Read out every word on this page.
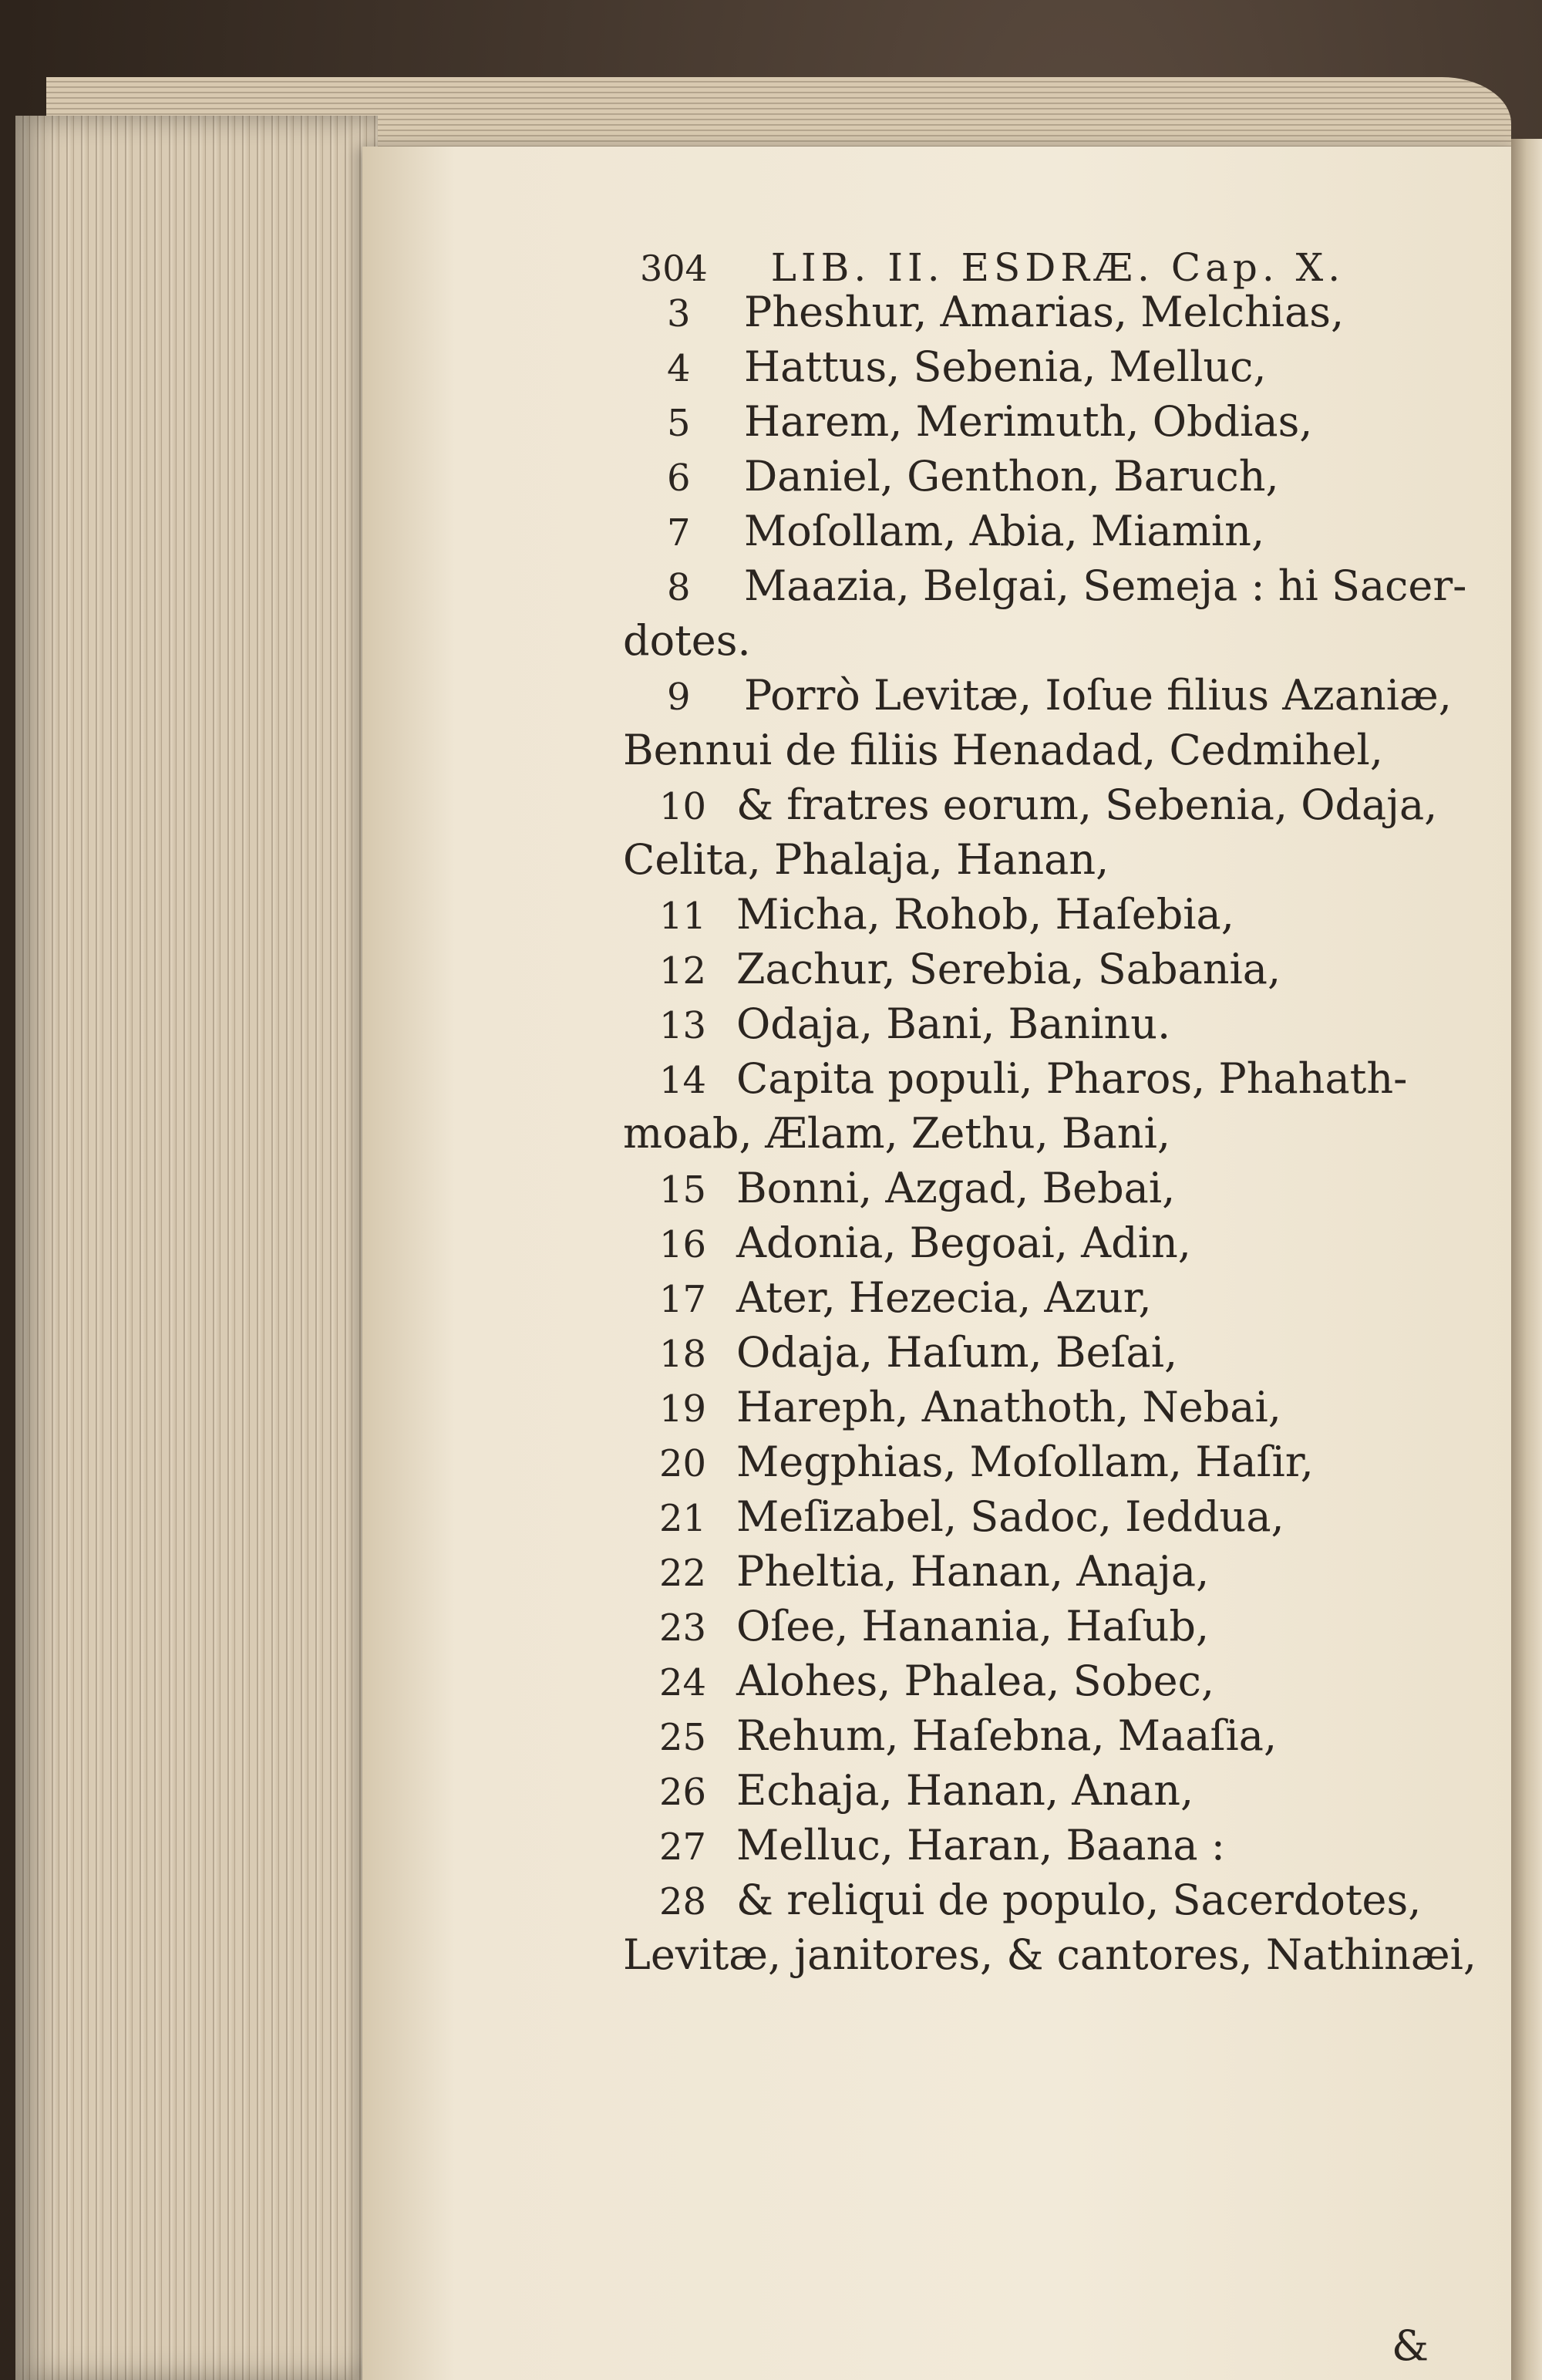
304 LIB. II. ESDRÆ. Cap. X.
3 Pheshur, Amarias, Melchias,
4 Hattus, Sebenia, Melluc,
5 Harem, Merimuth, Obdias,
6 Daniel, Genthon, Baruch,
7 Moſollam, Abia, Miamin,
8 Maazia, Belgai, Semeja : hi Sacer-
dotes.
9 Porrò Levitæ, Ioſue filius Azaniæ,
Bennui de filiis Henadad, Cedmihel,
10 & fratres eorum, Sebenia, Odaja,
Celita, Phalaja, Hanan,
11 Micha, Rohob, Haſebia,
12 Zachur, Serebia, Sabania,
13 Odaja, Bani, Baninu.
14 Capita populi, Pharos, Phahath-
moab, Ælam, Zethu, Bani,
15 Bonni, Azgad, Bebai,
16 Adonia, Begoai, Adin,
17 Ater, Hezecia, Azur,
18 Odaja, Haſum, Beſai,
19 Hareph, Anathoth, Nebai,
20 Megphias, Moſollam, Haſir,
21 Meſizabel, Sadoc, Ieddua,
22 Pheltia, Hanan, Anaja,
23 Oſee, Hanania, Haſub,
24 Alohes, Phalea, Sobec,
25 Rehum, Haſebna, Maaſia,
26 Echaja, Hanan, Anan,
27 Melluc, Haran, Baana :
28 & reliqui de populo, Sacerdotes,
Levitæ, janitores, & cantores, Nathinæi,
&
